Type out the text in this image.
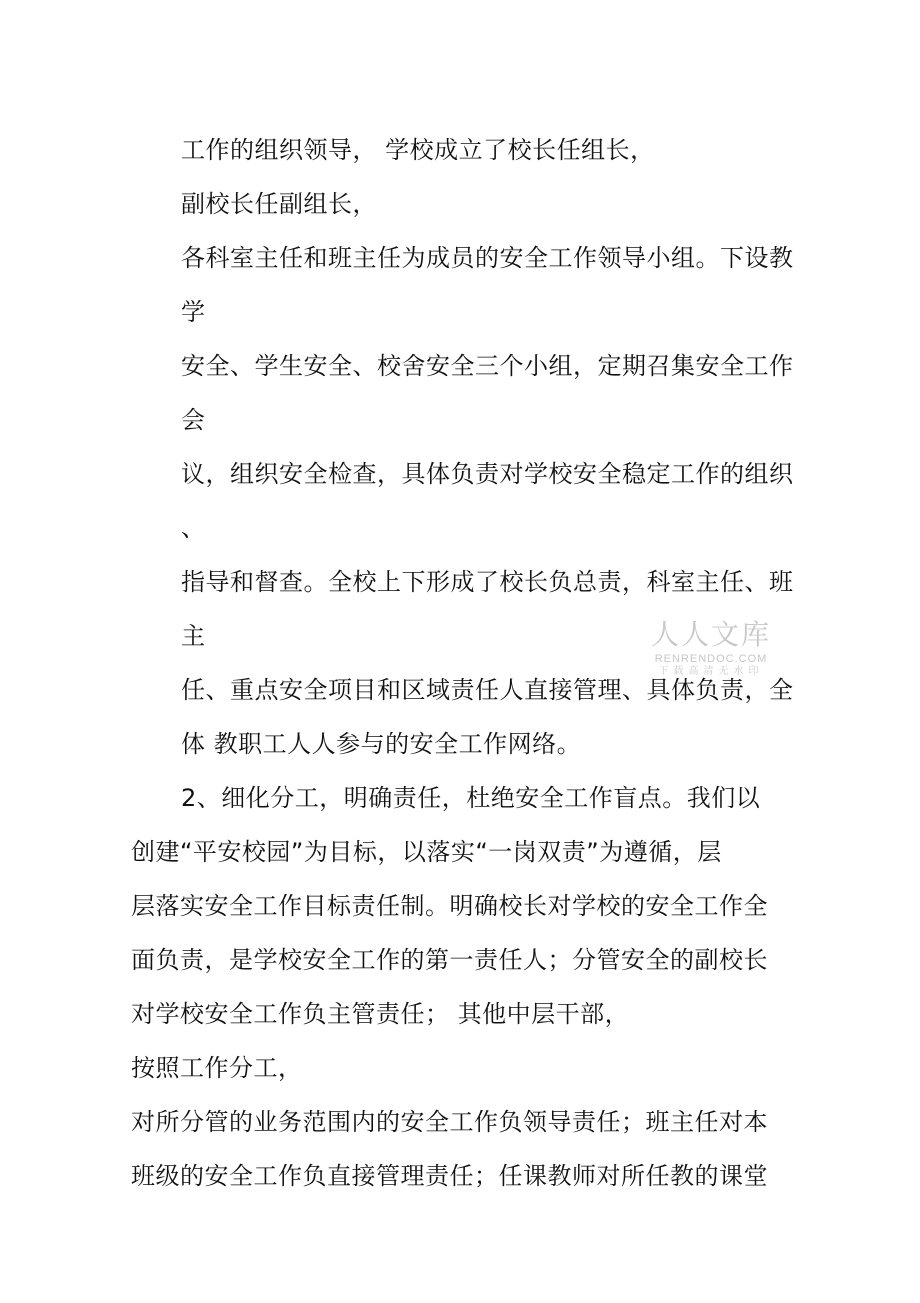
工作的组织领导， 学校成立了校长任组长，
副校长任副组长，
各科室主任和班主任为成员的安全工作领导小组。下设教
学
安全、学生安全、校舍安全三个小组，定期召集安全工作
会
议，组织安全检查，具体负责对学校安全稳定工作的组织
、
指导和督查。全校上下形成了校长负总责，科室主任、班
主
任、重点安全项目和区域责任人直接管理、具体负责，全
体 教职工人人参与的安全工作网络。
2、细化分工，明确责任，杜绝安全工作盲点。我们以
创建“平安校园”为目标，以落实“一岗双责”为遵循，层
层落实安全工作目标责任制。明确校长对学校的安全工作全
面负责，是学校安全工作的第一责任人；分管安全的副校长
对学校安全工作负主管责任； 其他中层干部，
按照工作分工，
对所分管的业务范围内的安全工作负领导责任；班主任对本
班级的安全工作负直接管理责任；任课教师对所任教的课堂
人人文库
RENRENDOC.COM
下载高清无水印
